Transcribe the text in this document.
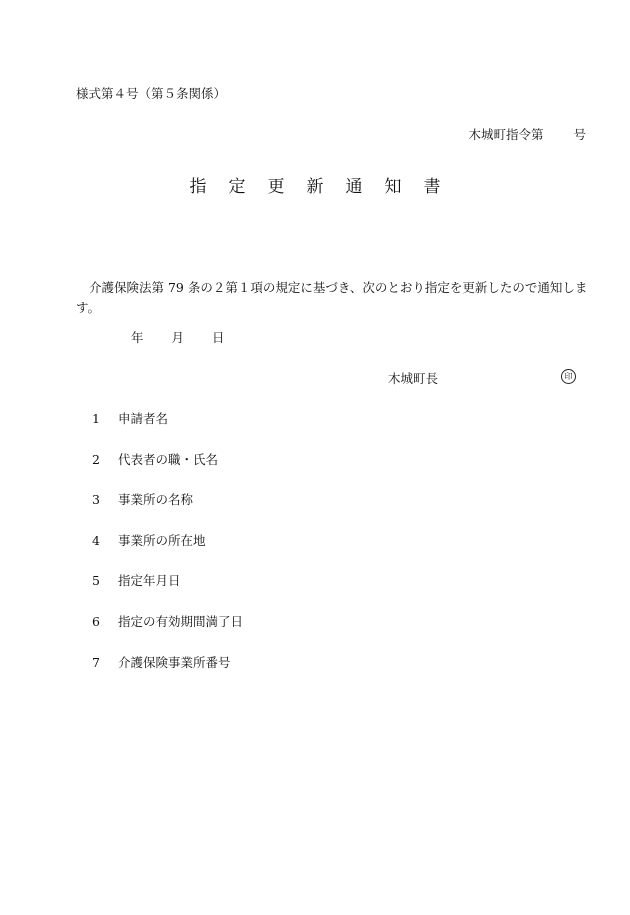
様式第４号（第５条関係）
木城町指令第 号
指定更新通知書

介護保険法第 79 条の２第１項の規定に基づき、次のとおり指定を更新したので通知します。

年 月 日
木城町長	印
1 申請者名
2 代表者の職・氏名
3 事業所の名称
4 事業所の所在地
5 指定年月日
6 指定の有効期間満了日
7 介護保険事業所番号
